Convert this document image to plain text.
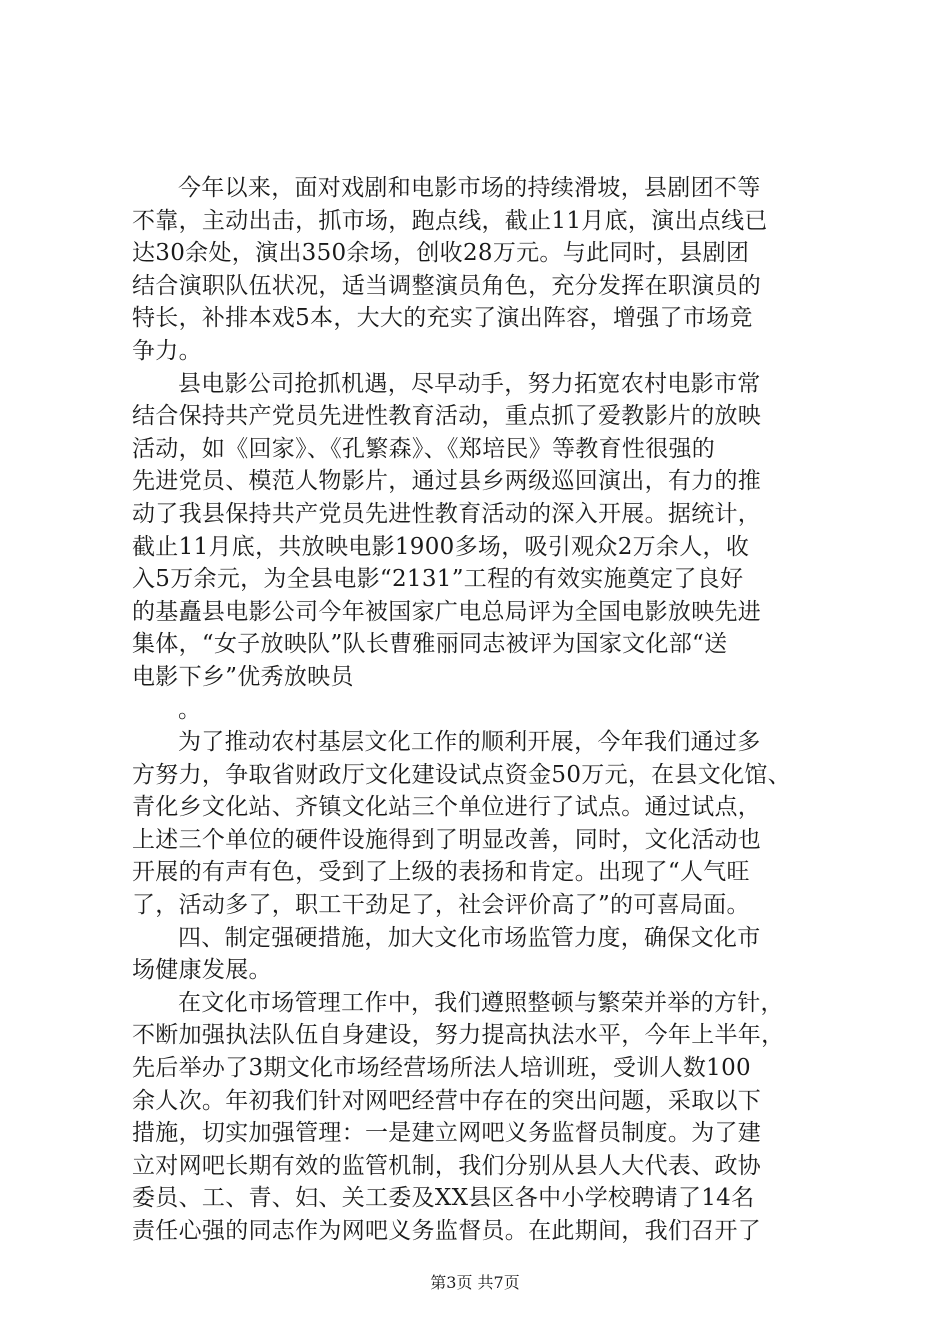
今年以来，面对戏剧和电影市场的持续滑坡，县剧团不等
不靠，主动出击，抓市场，跑点线，截止11月底，演出点线已
达30余处，演出350余场，创收28万元。与此同时，县剧团
结合演职队伍状况，适当调整演员角色，充分发挥在职演员的
特长，补排本戏5本，大大的充实了演出阵容，增强了市场竞
争力。
县电影公司抢抓机遇，尽早动手，努力拓宽农村电影市常
结合保持共产党员先进性教育活动，重点抓了爱教影片的放映
活动，如《回家》、《孔繁森》、《郑培民》等教育性很强的
先进党员、模范人物影片，通过县乡两级巡回演出，有力的推
动了我县保持共产党员先进性教育活动的深入开展。据统计，
截止11月底，共放映电影1900多场，吸引观众2万余人，收
入5万余元，为全县电影“2131”工程的有效实施奠定了良好
的基矗县电影公司今年被国家广电总局评为全国电影放映先进
集体，“女子放映队”队长曹雅丽同志被评为国家文化部“送
电影下乡”优秀放映员
。
为了推动农村基层文化工作的顺利开展，今年我们通过多
方努力，争取省财政厅文化建设试点资金50万元，在县文化馆、
青化乡文化站、齐镇文化站三个单位进行了试点。通过试点，
上述三个单位的硬件设施得到了明显改善，同时，文化活动也
开展的有声有色，受到了上级的表扬和肯定。出现了“人气旺
了，活动多了，职工干劲足了，社会评价高了”的可喜局面。
四、制定强硬措施，加大文化市场监管力度，确保文化市
场健康发展。
在文化市场管理工作中，我们遵照整顿与繁荣并举的方针，
不断加强执法队伍自身建设，努力提高执法水平，今年上半年，
先后举办了3期文化市场经营场所法人培训班，受训人数100
余人次。年初我们针对网吧经营中存在的突出问题，采取以下
措施，切实加强管理：一是建立网吧义务监督员制度。为了建
立对网吧长期有效的监管机制，我们分别从县人大代表、政协
委员、工、青、妇、关工委及XX县区各中小学校聘请了14名
责任心强的同志作为网吧义务监督员。在此期间，我们召开了
第3页 共7页
